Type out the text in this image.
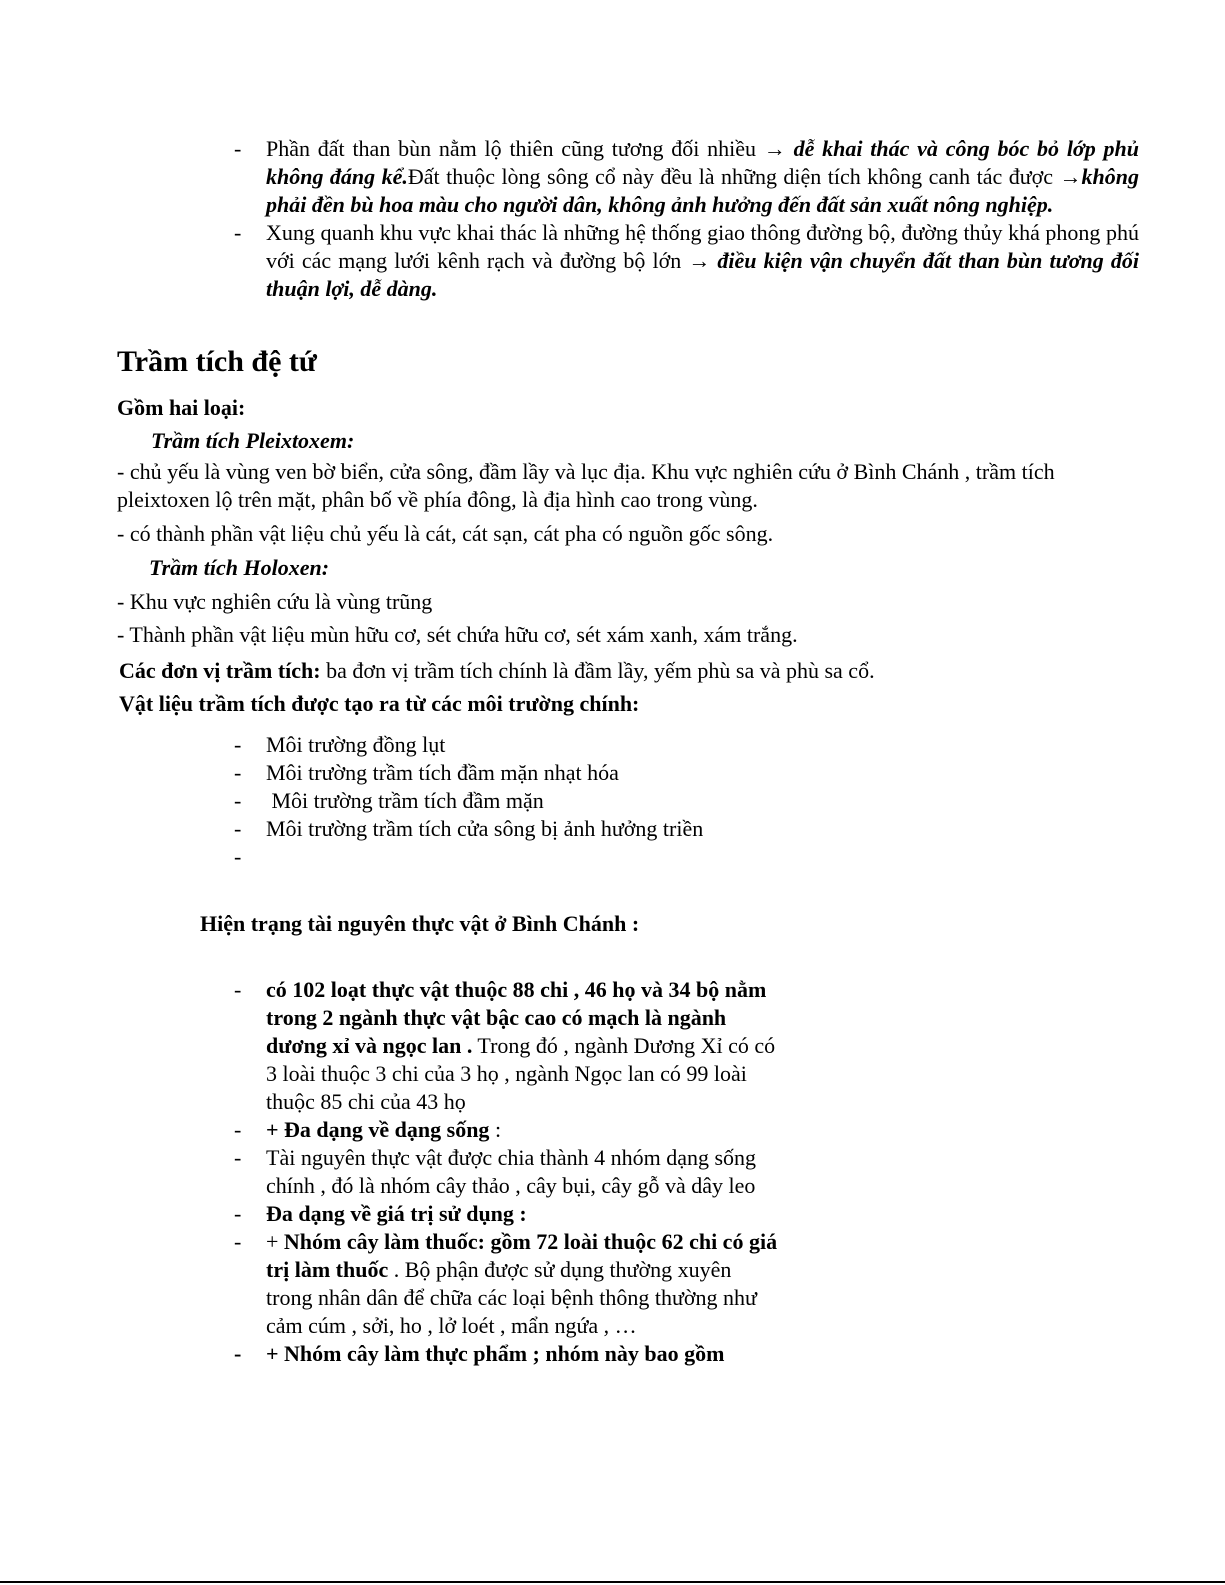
-	Phần đất than bùn nằm lộ thiên cũng tương đối nhiều → dễ khai thác và công bóc bỏ lớp phủ không đáng kể.Đất thuộc lòng sông cổ này đều là những diện tích không canh tác được →không phải đền bù hoa màu cho người dân, không ảnh hưởng đến đất sản xuất nông nghiệp.
-	Xung quanh khu vực khai thác là những hệ thống giao thông đường bộ, đường thủy khá phong phú với các mạng lưới kênh rạch và đường bộ lớn → điều kiện vận chuyển đất than bùn tương đối thuận lợi, dễ dàng.
Trầm tích đệ tứ
Gồm hai loại:
Trầm tích Pleixtoxem:
- chủ yếu là vùng ven bờ biển, cửa sông, đầm lầy và lục địa. Khu vực nghiên cứu ở Bình Chánh , trầm tích pleixtoxen lộ trên mặt, phân bố về phía đông, là địa hình cao trong vùng.
- có thành phần vật liệu chủ yếu là cát, cát sạn, cát pha có nguồn gốc sông.
Trầm tích Holoxen:
- Khu vực nghiên cứu là vùng trũng
- Thành phần vật liệu mùn hữu cơ, sét chứa hữu cơ, sét xám xanh, xám trắng.
Các đơn vị trầm tích: ba đơn vị trầm tích chính là đầm lầy, yếm phù sa và phù sa cổ.
Vật liệu trầm tích được tạo ra từ các môi trường chính:
-	Môi trường đồng lụt
-	Môi trường trầm tích đầm mặn nhạt hóa
-	Môi trường trầm tích đầm mặn
-	Môi trường trầm tích cửa sông bị ảnh hưởng triền
-
Hiện trạng tài nguyên thực vật ở Bình Chánh :
-	có 102 loạt thực vật thuộc 88 chi , 46 họ và 34 bộ nằm trong 2 ngành thực vật bậc cao có mạch là ngành dương xỉ và ngọc lan . Trong đó , ngành Dương Xỉ có có 3 loài thuộc 3 chi của 3 họ , ngành Ngọc lan có 99 loài thuộc 85 chi của 43 họ
-	+ Đa dạng về dạng sống :
-	Tài nguyên thực vật được chia thành 4 nhóm dạng sống chính , đó là nhóm cây thảo , cây bụi, cây gỗ và dây leo
-	Đa dạng về giá trị sử dụng :
-	+ Nhóm cây làm thuốc: gồm 72 loài thuộc 62 chi có giá trị làm thuốc . Bộ phận được sử dụng thường xuyên trong nhân dân để chữa các loại bệnh thông thường như cảm cúm , sởi, ho , lở loét , mẩn ngứa , …
-	+ Nhóm cây làm thực phẩm ; nhóm này bao gồm
